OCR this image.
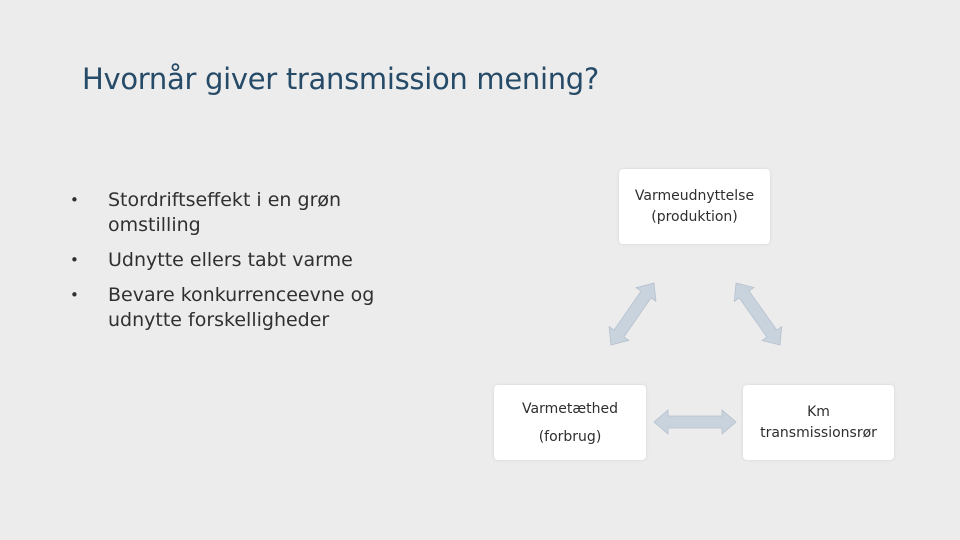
Hvornår giver transmission mening?
• Stordriftseffekt i en grøn omstilling
• Udnytte ellers tabt varme
• Bevare konkurrenceevne og udnytte forskelligheder
Varmeudnyttelse
(produktion)
Varmetæthed
(forbrug)
Km
transmissionsrør
